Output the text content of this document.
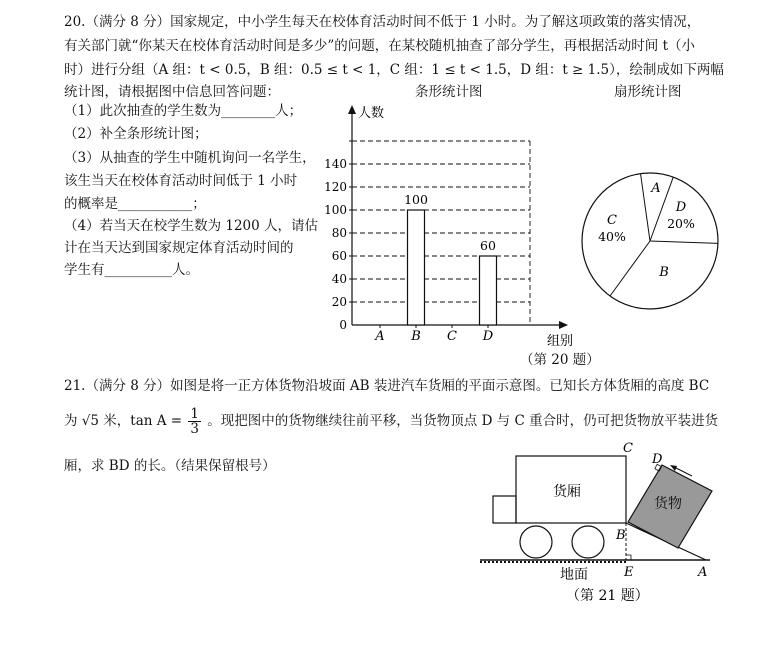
20.（满分 8 分）国家规定，中小学生每天在校体育活动时间不低于 1 小时。为了解这项政策的落实情况，
有关部门就“你某天在校体育活动时间是多少”的问题，在某校随机抽查了部分学生，再根据活动时间 t（小
时）进行分组（A 组：t < 0.5，B 组：0.5 ≤ t < 1，C 组：1 ≤ t < 1.5，D 组：t ≥ 1.5），绘制成如下两幅
统计图，请根据图中信息回答问题：	条形统计图	扇形统计图
（1）此次抽查的学生数为________人；
（2）补全条形统计图；
（3）从抽查的学生中随机询问一名学生，
该生当天在校体育活动时间低于 1 小时
的概率是___________；
（4）若当天在校学生数为 1200 人，请估
计在当天达到国家规定体育活动时间的
学生有__________人。
人数
组别
0
20
40
60
80
100
120
140
A B
100
C D
60
A
D
20%
B
C
40%
（第 20 题）
21.（满分 8 分）如图是将一正方体货物沿坡面 AB 装进汽车货厢的平面示意图。已知长方体货厢的高度 BC
为 √5 米，$\tan A = \frac{1}{3}$ 。现把图中的货物继续往前平移，当货物顶点 D 与 C 重合时，仍可把货物放平装进货
厢，求 BD 的长。（结果保留根号）
货厢
货物
C
D
B
E	A
地面
（第 21 题）
